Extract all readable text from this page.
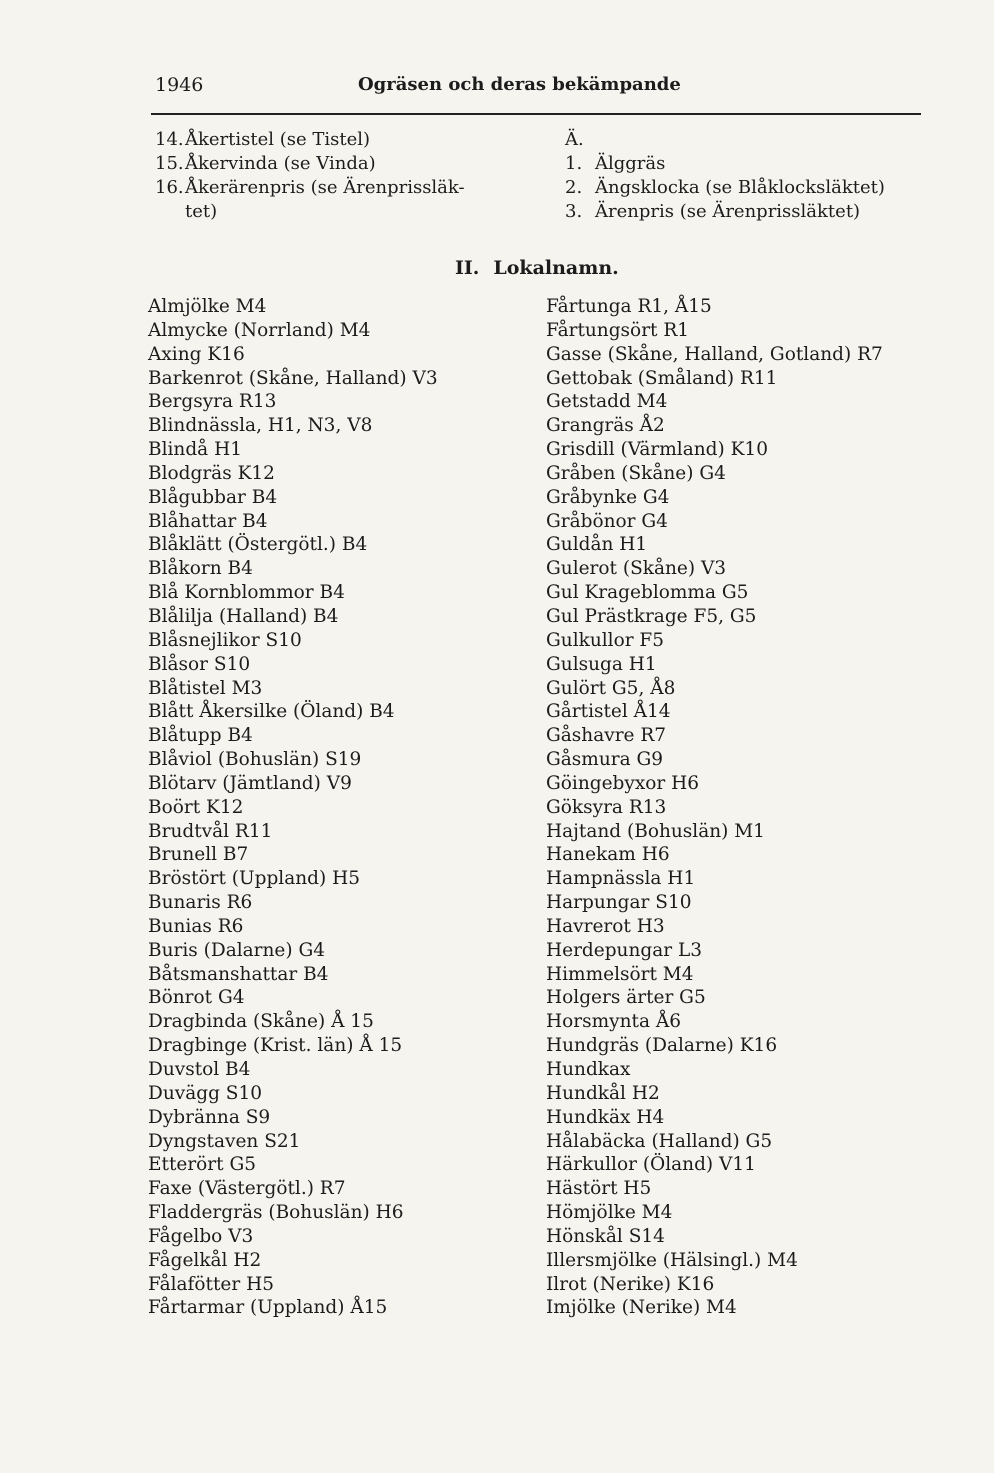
1946	Ogräsen och deras bekämpande
14. Åkertistel (se Tistel)
15. Åkervinda (se Vinda)
16. Åkerärenpris (se Ärenprissläk-
tet)
Ä.
1. Älggräs
2. Ängsklocka (se Blåklocksläktet)
3. Ärenpris (se Ärenprissläktet)
II. Lokalnamn.
Almjölke M4
Almycke (Norrland) M4
Axing K16
Barkenrot (Skåne, Halland) V3
Bergsyra R13
Blindnässla, H1, N3, V8
Blindå H1
Blodgräs K12
Blågubbar B4
Blåhattar B4
Blåklätt (Östergötl.) B4
Blåkorn B4
Blå Kornblommor B4
Blålilja (Halland) B4
Blåsnejlikor S10
Blåsor S10
Blåtistel M3
Blått Åkersilke (Öland) B4
Blåtupp B4
Blåviol (Bohuslän) S19
Blötarv (Jämtland) V9
Boört K12
Brudtvål R11
Brunell B7
Bröstört (Uppland) H5
Bunaris R6
Bunias R6
Buris (Dalarne) G4
Båtsmanshattar B4
Bönrot G4
Dragbinda (Skåne) Å 15
Dragbinge (Krist. län) Å 15
Duvstol B4
Duvägg S10
Dybränna S9
Dyngstaven S21
Etterört G5
Faxe (Västergötl.) R7
Fladdergräs (Bohuslän) H6
Fågelbo V3
Fågelkål H2
Fålafötter H5
Fårtarmar (Uppland) Å15
Fårtunga R1, Å15
Fårtungsört R1
Gasse (Skåne, Halland, Gotland) R7
Gettobak (Småland) R11
Getstadd M4
Grangräs Å2
Grisdill (Värmland) K10
Gråben (Skåne) G4
Gråbynke G4
Gråbönor G4
Guldån H1
Gulerot (Skåne) V3
Gul Krageblomma G5
Gul Prästkrage F5, G5
Gulkullor F5
Gulsuga H1
Gulört G5, Å8
Gårtistel Å14
Gåshavre R7
Gåsmura G9
Göingebyxor H6
Göksyra R13
Hajtand (Bohuslän) M1
Hanekam H6
Hampnässla H1
Harpungar S10
Havrerot H3
Herdepungar L3
Himmelsört M4
Holgers ärter G5
Horsmynta Å6
Hundgräs (Dalarne) K16
Hundkax
Hundkål H2
Hundkäx H4
Hålabäcka (Halland) G5
Härkullor (Öland) V11
Hästört H5
Hömjölke M4
Hönskål S14
Illersmjölke (Hälsingl.) M4
Ilrot (Nerike) K16
Imjölke (Nerike) M4
